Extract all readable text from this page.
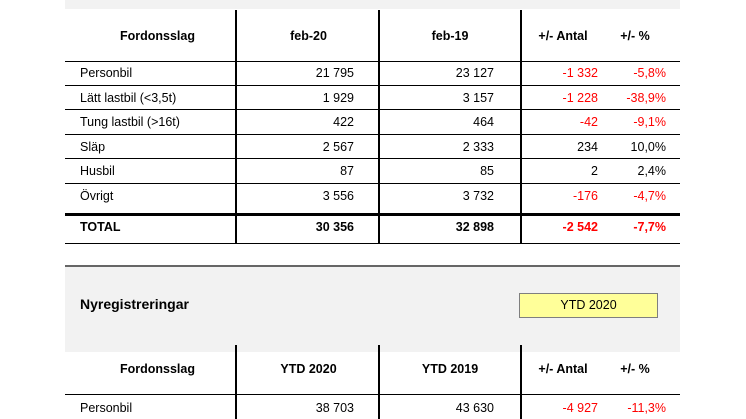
Fordonsslag	feb-20	feb-19	+/- Antal	+/- %
Personbil	21 795	23 127	-1 332	-5,8%
Lätt lastbil (<3,5t)	1 929	3 157	-1 228	-38,9%
Tung lastbil (>16t)	422	464	-42	-9,1%
Släp	2 567	2 333	234	10,0%
Husbil	87	85	2	2,4%
Övrigt	3 556	3 732	-176	-4,7%
TOTAL	30 356	32 898	-2 542	-7,7%
Nyregistreringar	YTD 2020
Fordonsslag	YTD 2020	YTD 2019	+/- Antal	+/- %
Personbil	38 703	43 630	-4 927	-11,3%
